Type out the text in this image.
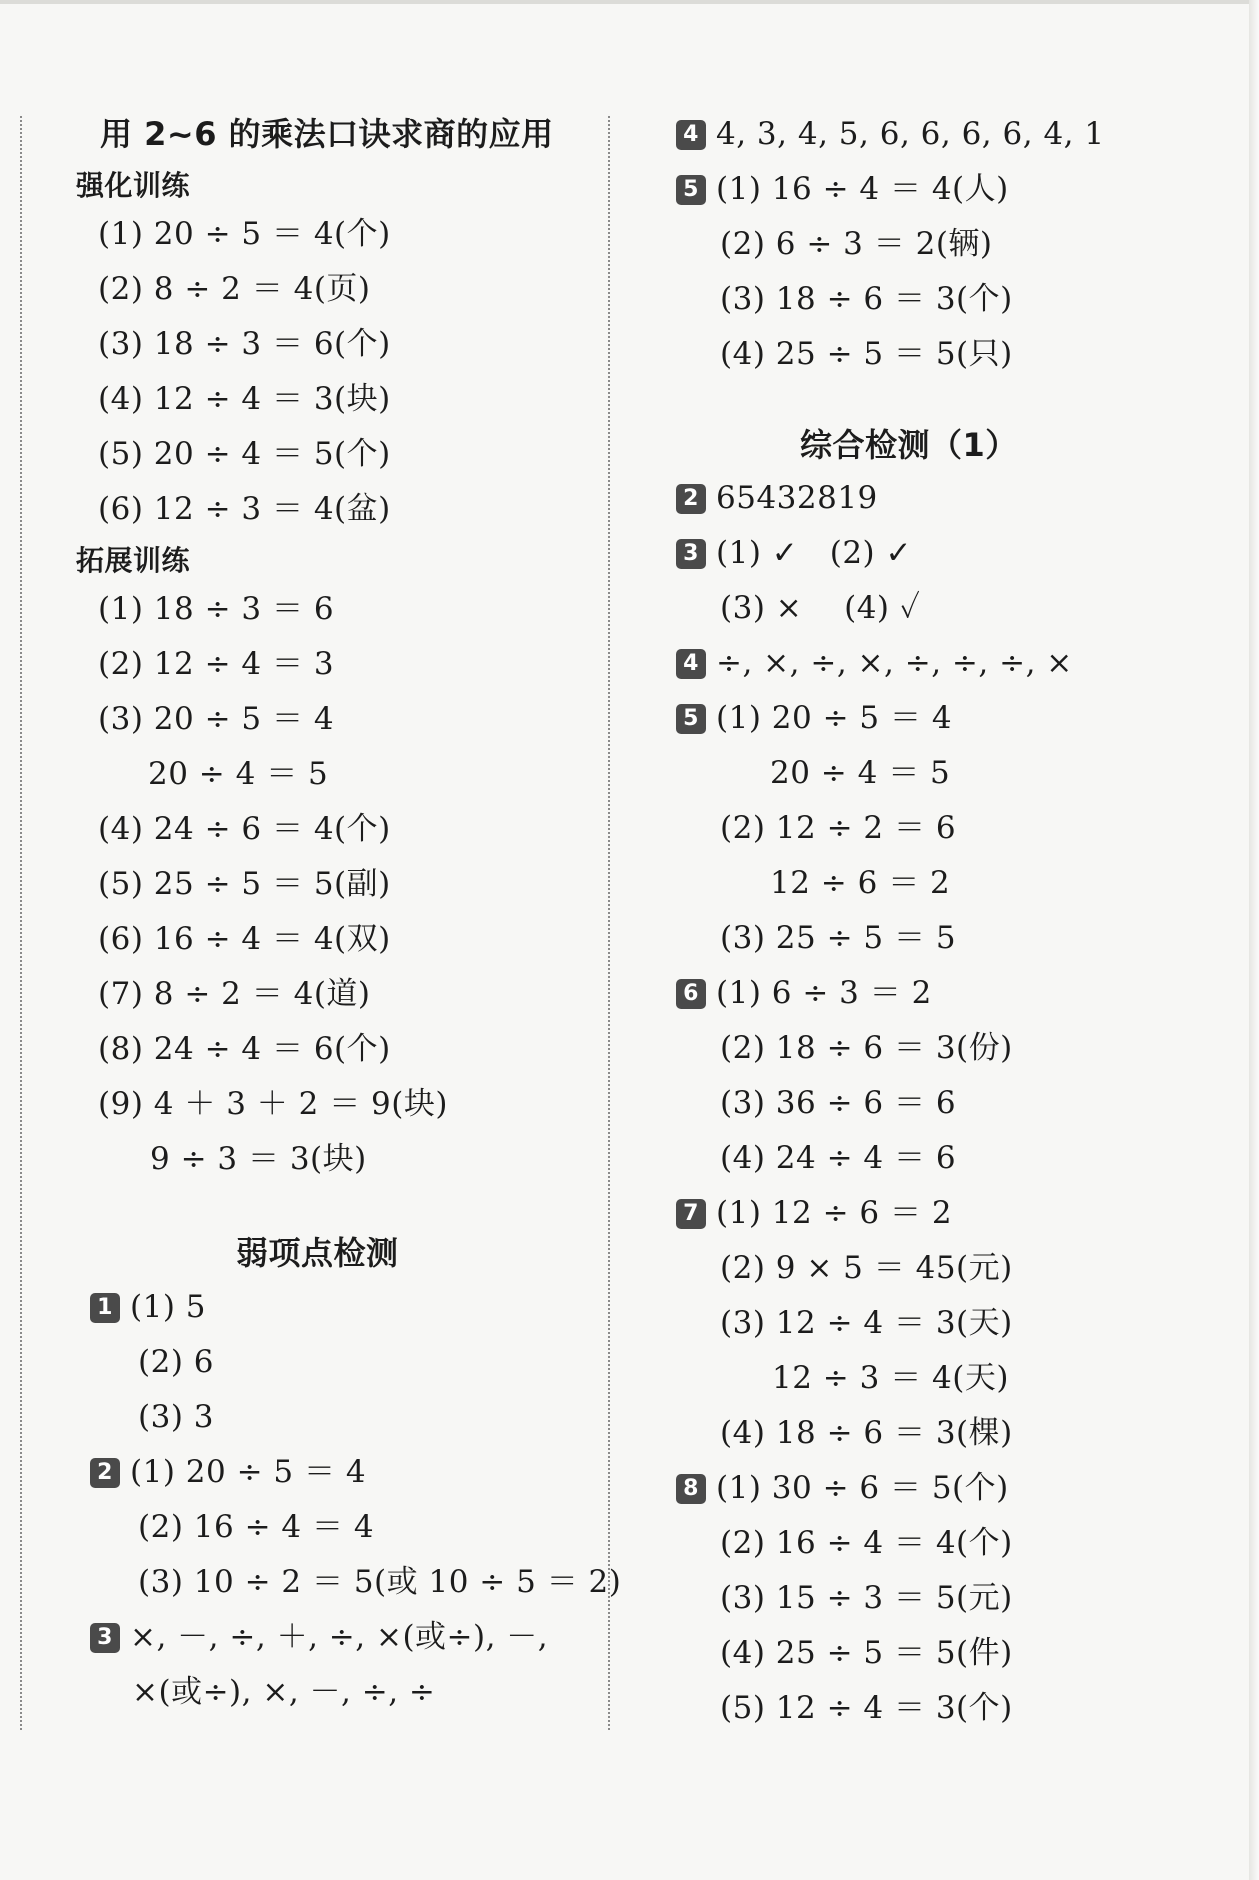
用 2~6 的乘法口诀求商的应用
强化训练
(1) 20 ÷ 5 ＝ 4(个)
(2) 8 ÷ 2 ＝ 4(页)
(3) 18 ÷ 3 ＝ 6(个)
(4) 12 ÷ 4 ＝ 3(块)
(5) 20 ÷ 4 ＝ 5(个)
(6) 12 ÷ 3 ＝ 4(盆)
拓展训练
(1) 18 ÷ 3 ＝ 6
(2) 12 ÷ 4 ＝ 3
(3) 20 ÷ 5 ＝ 4
20 ÷ 4 ＝ 5
(4) 24 ÷ 6 ＝ 4(个)
(5) 25 ÷ 5 ＝ 5(副)
(6) 16 ÷ 4 ＝ 4(双)
(7) 8 ÷ 2 ＝ 4(道)
(8) 24 ÷ 4 ＝ 6(个)
(9) 4 ＋ 3 ＋ 2 ＝ 9(块)
9 ÷ 3 ＝ 3(块)
弱项点检测
1 (1) 5
(2) 6
(3) 3
2 (1) 20 ÷ 5 ＝ 4
(2) 16 ÷ 4 ＝ 4
(3) 10 ÷ 2 ＝ 5(或 10 ÷ 5 ＝ 2)
3 ×, －, ÷, ＋, ÷, ×(或÷), －,
×(或÷), ×, －, ÷, ÷
4 4, 3, 4, 5, 6, 6, 6, 6, 4, 1
5 (1) 16 ÷ 4 ＝ 4(人)
(2) 6 ÷ 3 ＝ 2(辆)
(3) 18 ÷ 6 ＝ 3(个)
(4) 25 ÷ 5 ＝ 5(只)
综合检测（1）
2 65432819
3 (1) ✓　(2) ✓
(3) ×　 (4) ✓
4 ÷, ×, ÷, ×, ÷, ÷, ÷, ×
5 (1) 20 ÷ 5 ＝ 4
20 ÷ 4 ＝ 5
(2) 12 ÷ 2 ＝ 6
12 ÷ 6 ＝ 2
(3) 25 ÷ 5 ＝ 5
6 (1) 6 ÷ 3 ＝ 2
(2) 18 ÷ 6 ＝ 3(份)
(3) 36 ÷ 6 ＝ 6
(4) 24 ÷ 4 ＝ 6
7 (1) 12 ÷ 6 ＝ 2
(2) 9 × 5 ＝ 45(元)
(3) 12 ÷ 4 ＝ 3(天)
12 ÷ 3 ＝ 4(天)
(4) 18 ÷ 6 ＝ 3(棵)
8 (1) 30 ÷ 6 ＝ 5(个)
(2) 16 ÷ 4 ＝ 4(个)
(3) 15 ÷ 3 ＝ 5(元)
(4) 25 ÷ 5 ＝ 5(件)
(5) 12 ÷ 4 ＝ 3(个)
